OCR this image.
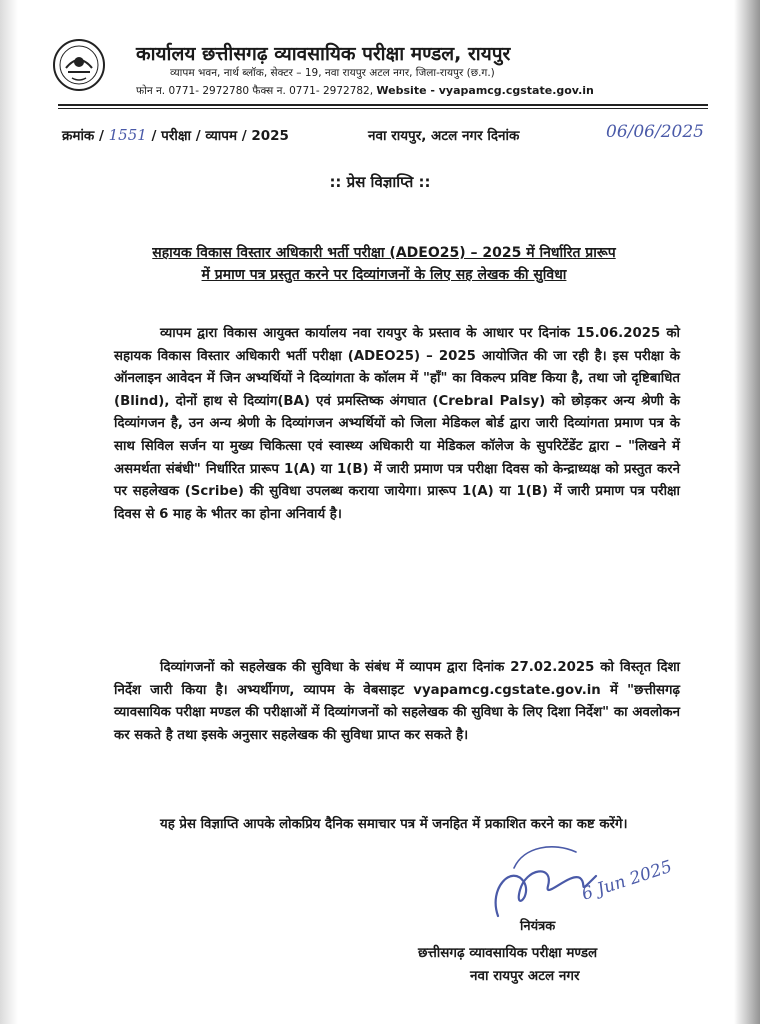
कार्यालय छत्तीसगढ़ व्यावसायिक परीक्षा मण्डल, रायपुर
व्यापम भवन, नार्थ ब्लॉक, सेक्टर – 19, नवा रायपुर अटल नगर, जिला-रायपुर (छ.ग.)
फोन न. 0771- 2972780 फैक्स न. 0771- 2972782, Website - vyapamcg.cgstate.gov.in
क्रमांक / 1551 / परीक्षा / व्यापम / 2025	नवा रायपुर, अटल नगर दिनांक	06/06/2025
:: प्रेस विज्ञाप्ति ::
सहायक विकास विस्तार अधिकारी भर्ती परीक्षा (ADEO25) – 2025 में निर्धारित प्रारूप
में प्रमाण पत्र प्रस्तुत करने पर दिव्यांगजनों के लिए सह लेखक की सुविधा
व्यापम द्वारा विकास आयुक्त कार्यालय नवा रायपुर के प्रस्ताव के आधार पर दिनांक 15.06.2025 को सहायक विकास विस्तार अधिकारी भर्ती परीक्षा (ADEO25) – 2025 आयोजित की जा रही है। इस परीक्षा के ऑनलाइन आवेदन में जिन अभ्यर्थियों ने दिव्यांगता के कॉलम में "हाँ" का विकल्प प्रविष्ट किया है, तथा जो दृष्टिबाधित (Blind), दोनों हाथ से दिव्यांग(BA) एवं प्रमस्तिष्क अंगघात (Crebral Palsy) को छोड़कर अन्य श्रेणी के दिव्यांगजन है, उन अन्य श्रेणी के दिव्यांगजन अभ्यर्थियों को जिला मेडिकल बोर्ड द्वारा जारी दिव्यांगता प्रमाण पत्र के साथ सिविल सर्जन या मुख्य चिकित्सा एवं स्वास्थ्य अधिकारी या मेडिकल कॉलेज के सुपरिटेंडेंट द्वारा – "लिखने में असमर्थता संबंधी" निर्धारित प्रारूप 1(A) या 1(B) में जारी प्रमाण पत्र परीक्षा दिवस को केन्द्राध्यक्ष को प्रस्तुत करने पर सहलेखक (Scribe) की सुविधा उपलब्ध कराया जायेगा। प्रारूप 1(A) या 1(B) में जारी प्रमाण पत्र परीक्षा दिवस से 6 माह के भीतर का होना अनिवार्य है।
दिव्यांगजनों को सहलेखक की सुविधा के संबंध में व्यापम द्वारा दिनांक 27.02.2025 को विस्तृत दिशा निर्देश जारी किया है। अभ्यर्थीगण, व्यापम के वेबसाइट vyapamcg.cgstate.gov.in में "छत्तीसगढ़ व्यावसायिक परीक्षा मण्डल की परीक्षाओं में दिव्यांगजनों को सहलेखक की सुविधा के लिए दिशा निर्देश" का अवलोकन कर सकते है तथा इसके अनुसार सहलेखक की सुविधा प्राप्त कर सकते है।
यह प्रेस विज्ञाप्ति आपके लोकप्रिय दैनिक समाचार पत्र में जनहित में प्रकाशित करने का कष्ट करेंगे।
6 Jun 2025
नियंत्रक
छत्तीसगढ़ व्यावसायिक परीक्षा मण्डल
नवा रायपुर अटल नगर
